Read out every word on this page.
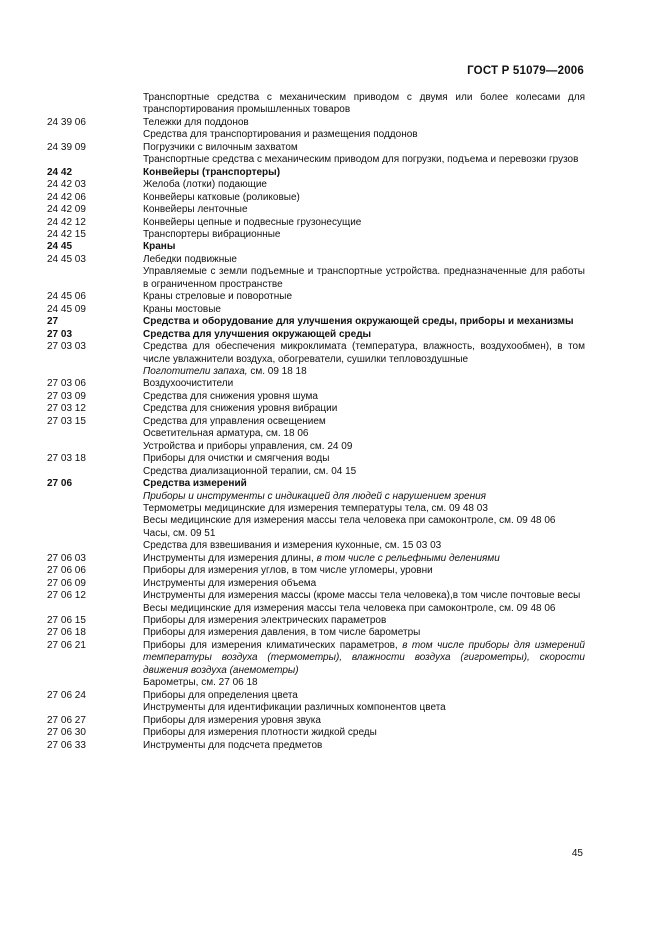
ГОСТ Р 51079—2006
Транспортные средства с механическим приводом с двумя или более колесами для транспортирования промышленных товаров
24 39 06	Тележки для поддонов
Средства для транспортирования и размещения поддонов
24 39 09	Погрузчики с вилочным захватом
Транспортные средства с механическим приводом для погрузки, подъема и перевозки грузов
24 42	Конвейеры (транспортеры)
24 42 03	Желоба (лотки) подающие
24 42 06	Конвейеры катковые (роликовые)
24 42 09	Конвейеры ленточные
24 42 12	Конвейеры цепные и подвесные грузонесущие
24 42 15	Транспортеры вибрационные
24 45	Краны
24 45 03	Лебедки подвижные
Управляемые с земли подъемные и транспортные устройства. предназначенные для работы в ограниченном пространстве
24 45 06	Краны стреловые и поворотные
24 45 09	Краны мостовые
27	Средства и оборудование для улучшения окружающей среды, приборы и механизмы
27 03	Средства для улучшения окружающей среды
27 03 03	Средства для обеспечения микроклимата (температура, влажность, воздухообмен), в том числе увлажнители воздуха, обогреватели, сушилки тепловоздушные
Поглотители запаха, см. 09 18 18
27 03 06	Воздухоочистители
27 03 09	Средства для снижения уровня шума
27 03 12	Средства для снижения уровня вибрации
27 03 15	Средства для управления освещением
Осветительная арматура, см. 18 06
Устройства и приборы управления, см. 24 09
27 03 18	Приборы для очистки и смягчения воды
Средства диализационной терапии, см. 04 15
27 06	Средства измерений
Приборы и инструменты с индикацией для людей с нарушением зрения
Термометры медицинские для измерения температуры тела, см. 09 48 03
Весы медицинские для измерения массы тела человека при самоконтроле, см. 09 48 06
Часы, см. 09 51
Средства для взвешивания и измерения кухонные, см. 15 03 03
27 06 03	Инструменты для измерения длины, в том числе с рельефными делениями
27 06 06	Приборы для измерения углов, в том числе угломеры, уровни
27 06 09	Инструменты для измерения объема
27 06 12	Инструменты для измерения массы (кроме массы тела человека),в том числе почтовые весы
Весы медицинские для измерения массы тела человека при самоконтроле, см. 09 48 06
27 06 15	Приборы для измерения электрических параметров
27 06 18	Приборы для измерения давления, в том числе барометры
27 06 21	Приборы для измерения климатических параметров, в том числе приборы для измерений температуры воздуха (термометры), влажности воздуха (гигрометры), скорости движения воздуха (анемометры)
Барометры, см. 27 06 18
27 06 24	Приборы для определения цвета
Инструменты для идентификации различных компонентов цвета
27 06 27	Приборы для измерения уровня звука
27 06 30	Приборы для измерения плотности жидкой среды
27 06 33	Инструменты для подсчета предметов
45
